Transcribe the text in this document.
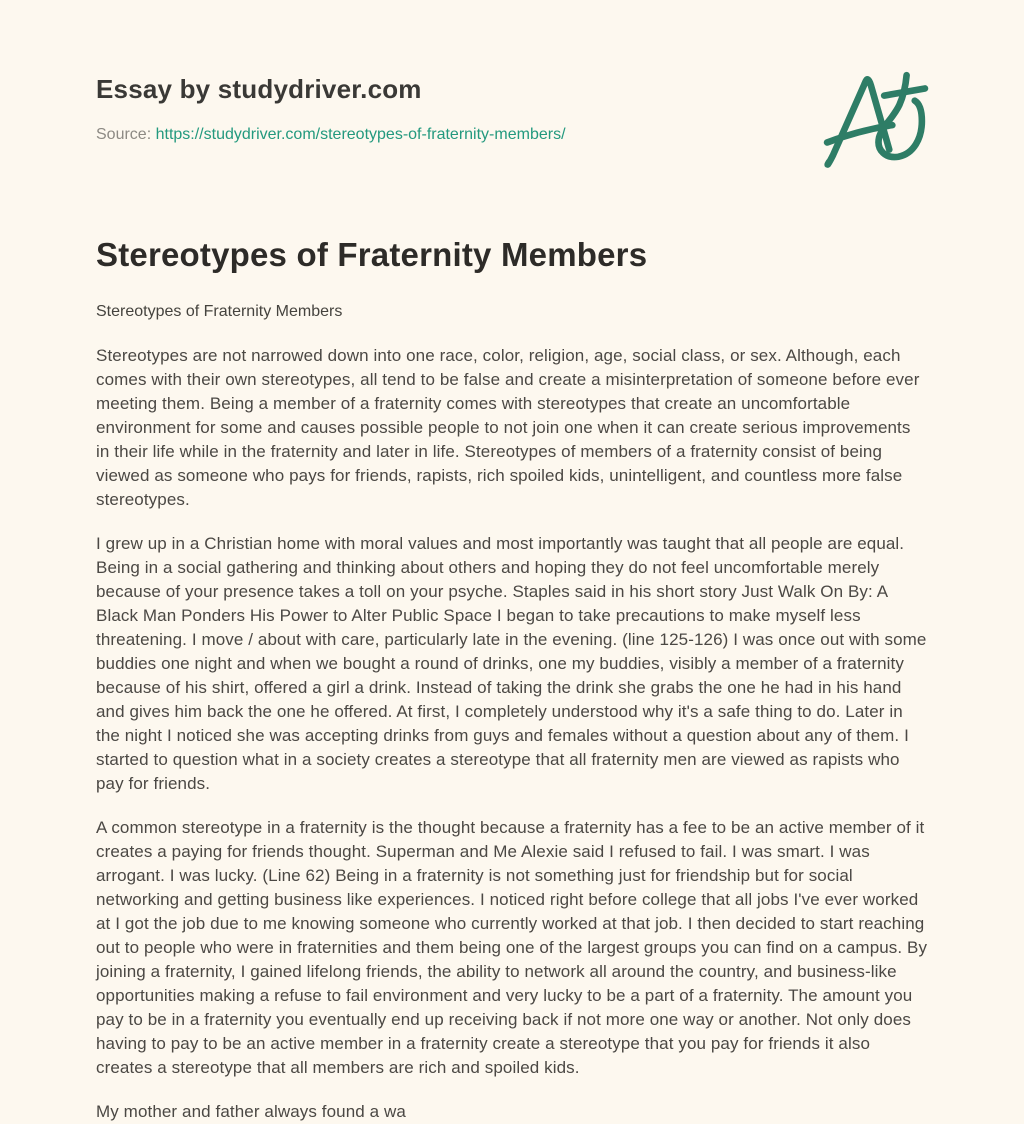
Essay by studydriver.com
Source: https://studydriver.com/stereotypes-of-fraternity-members/
Stereotypes of Fraternity Members
Stereotypes of Fraternity Members

Stereotypes are not narrowed down into one race, color, religion, age, social class, or sex. Although, each comes with their own stereotypes, all tend to be false and create a misinterpretation of someone before ever meeting them. Being a member of a fraternity comes with stereotypes that create an uncomfortable environment for some and causes possible people to not join one when it can create serious improvements in their life while in the fraternity and later in life. Stereotypes of members of a fraternity consist of being viewed as someone who pays for friends, rapists, rich spoiled kids, unintelligent, and countless more false stereotypes.

I grew up in a Christian home with moral values and most importantly was taught that all people are equal. Being in a social gathering and thinking about others and hoping they do not feel uncomfortable merely because of your presence takes a toll on your psyche. Staples said in his short story Just Walk On By: A Black Man Ponders His Power to Alter Public Space I began to take precautions to make myself less threatening. I move / about with care, particularly late in the evening. (line 125-126) I was once out with some buddies one night and when we bought a round of drinks, one my buddies, visibly a member of a fraternity because of his shirt, offered a girl a drink. Instead of taking the drink she grabs the one he had in his hand and gives him back the one he offered. At first, I completely understood why it's a safe thing to do. Later in the night I noticed she was accepting drinks from guys and females without a question about any of them. I started to question what in a society creates a stereotype that all fraternity men are viewed as rapists who pay for friends.

A common stereotype in a fraternity is the thought because a fraternity has a fee to be an active member of it creates a paying for friends thought. Superman and Me Alexie said I refused to fail. I was smart. I was arrogant. I was lucky. (Line 62) Being in a fraternity is not something just for friendship but for social networking and getting business like experiences. I noticed right before college that all jobs I've ever worked at I got the job due to me knowing someone who currently worked at that job. I then decided to start reaching out to people who were in fraternities and them being one of the largest groups you can find on a campus. By joining a fraternity, I gained lifelong friends, the ability to network all around the country, and business-like opportunities making a refuse to fail environment and very lucky to be a part of a fraternity. The amount you pay to be in a fraternity you eventually end up receiving back if not more one way or another. Not only does having to pay to be an active member in a fraternity create a stereotype that you pay for friends it also creates a stereotype that all members are rich and spoiled kids.

My mother and father always found a wa
